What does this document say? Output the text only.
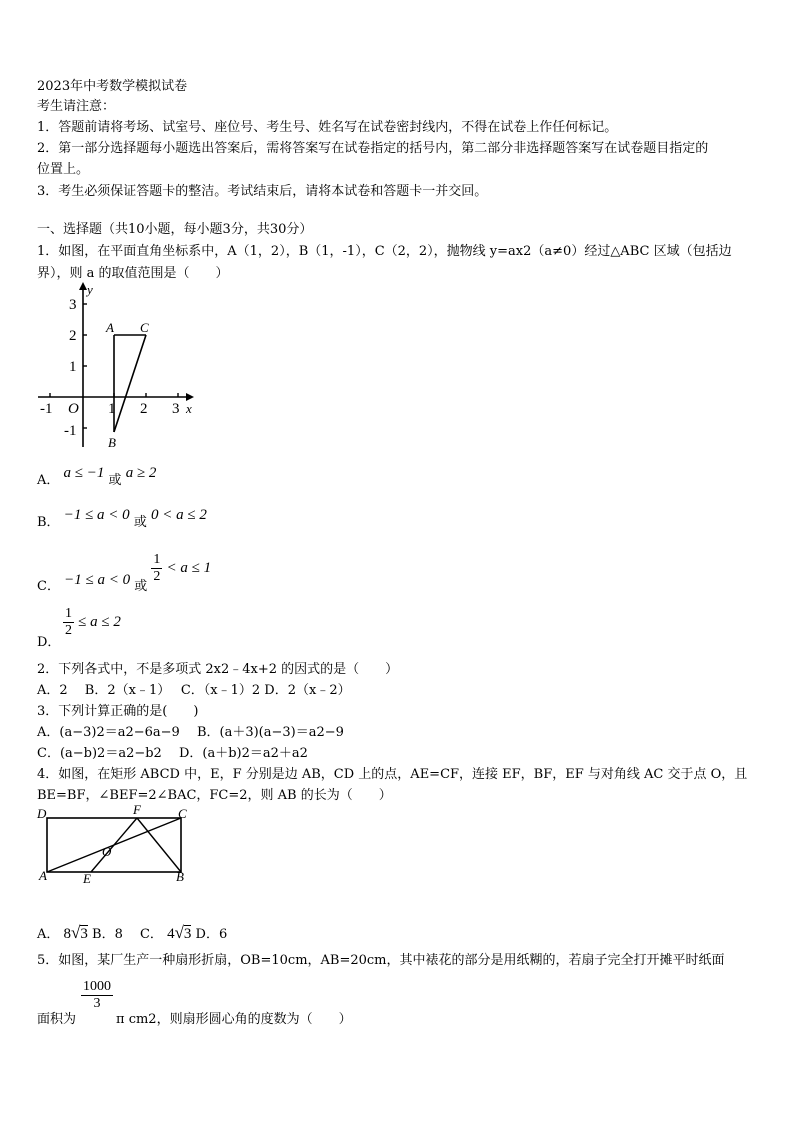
2023年中考数学模拟试卷
考生请注意：
1．答题前请将考场、试室号、座位号、考生号、姓名写在试卷密封线内，不得在试卷上作任何标记。
2．第一部分选择题每小题选出答案后，需将答案写在试卷指定的括号内，第二部分非选择题答案写在试卷题目指定的
位置上。
3．考生必须保证答题卡的整洁。考试结束后，请将本试卷和答题卡一并交回。
一、选择题（共10小题，每小题3分，共30分）
1．如图，在平面直角坐标系中，A（1，2），B（1，-1），C（2，2），抛物线 y=ax2（a≠0）经过△ABC 区域（包括边
界），则 a 的取值范围是（　　）
-1 O 1 2 3 x
3
2
1
-1
y
A C
B
A． a ≤ −1 或 a ≥ 2
B． −1 ≤ a < 0 或 0 < a ≤ 2
C． −1 ≤ a < 0 或
$\frac{1}{2} < a \le 1$
$\frac{1}{2} \le a \le 2$
D．
2．下列各式中，不是多项式 2x2﹣4x+2 的因式的是（　　）
A．2　 B．2（x﹣1）　 C．（x﹣1）2 D．2（x﹣2）
3．下列计算正确的是(　　)
A．(a−3)2＝a2−6a−9　 B．(a＋3)(a−3)＝a2−9
C．(a−b)2＝a2−b2　 D．(a＋b)2＝a2＋a2
4．如图，在矩形 ABCD 中，E，F 分别是边 AB，CD 上的点，AE=CF，连接 EF，BF，EF 与对角线 AC 交于点 O，且
BE=BF，∠BEF=2∠BAC，FC=2，则 AB 的长为（　　）
D	F	C
O
A	E	B
A． 8√3 B．8　 C． 4√3 D．6
5．如图，某厂生产一种扇形折扇，OB=10cm，AB=20cm，其中裱花的部分是用纸糊的，若扇子完全打开摊平时纸面
$\frac{1000}{3}$
面积为	π cm2，则扇形圆心角的度数为（　　）
